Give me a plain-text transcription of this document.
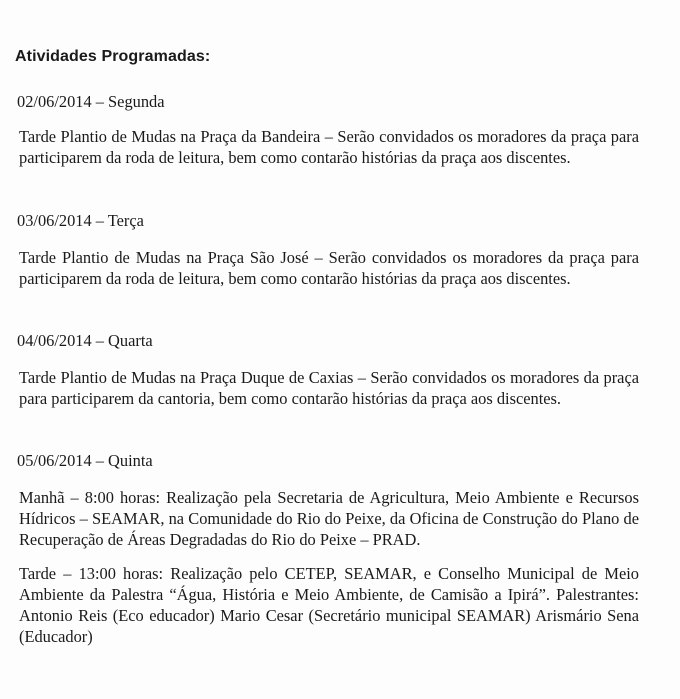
Atividades Programadas:
02/06/2014 – Segunda
Tarde Plantio de Mudas na Praça da Bandeira – Serão convidados os moradores da praça para participarem da roda de leitura, bem como contarão histórias da praça aos discentes.
03/06/2014 – Terça
Tarde Plantio de Mudas na Praça São José – Serão convidados os moradores da praça para participarem da roda de leitura, bem como contarão histórias da praça aos discentes.
04/06/2014 – Quarta
Tarde Plantio de Mudas na Praça Duque de Caxias – Serão convidados os moradores da praça para participarem da cantoria, bem como contarão histórias da praça aos discentes.
05/06/2014 – Quinta
Manhã – 8:00 horas: Realização pela Secretaria de Agricultura, Meio Ambiente e Recursos Hídricos – SEAMAR, na Comunidade do Rio do Peixe, da Oficina de Construção do Plano de Recuperação de Áreas Degradadas do Rio do Peixe – PRAD.
Tarde – 13:00 horas: Realização pelo CETEP, SEAMAR, e Conselho Municipal de Meio Ambiente da Palestra “Água, História e Meio Ambiente, de Camisão a Ipirá”. Palestrantes: Antonio Reis (Eco educador) Mario Cesar (Secretário municipal SEAMAR) Arismário Sena (Educador)
